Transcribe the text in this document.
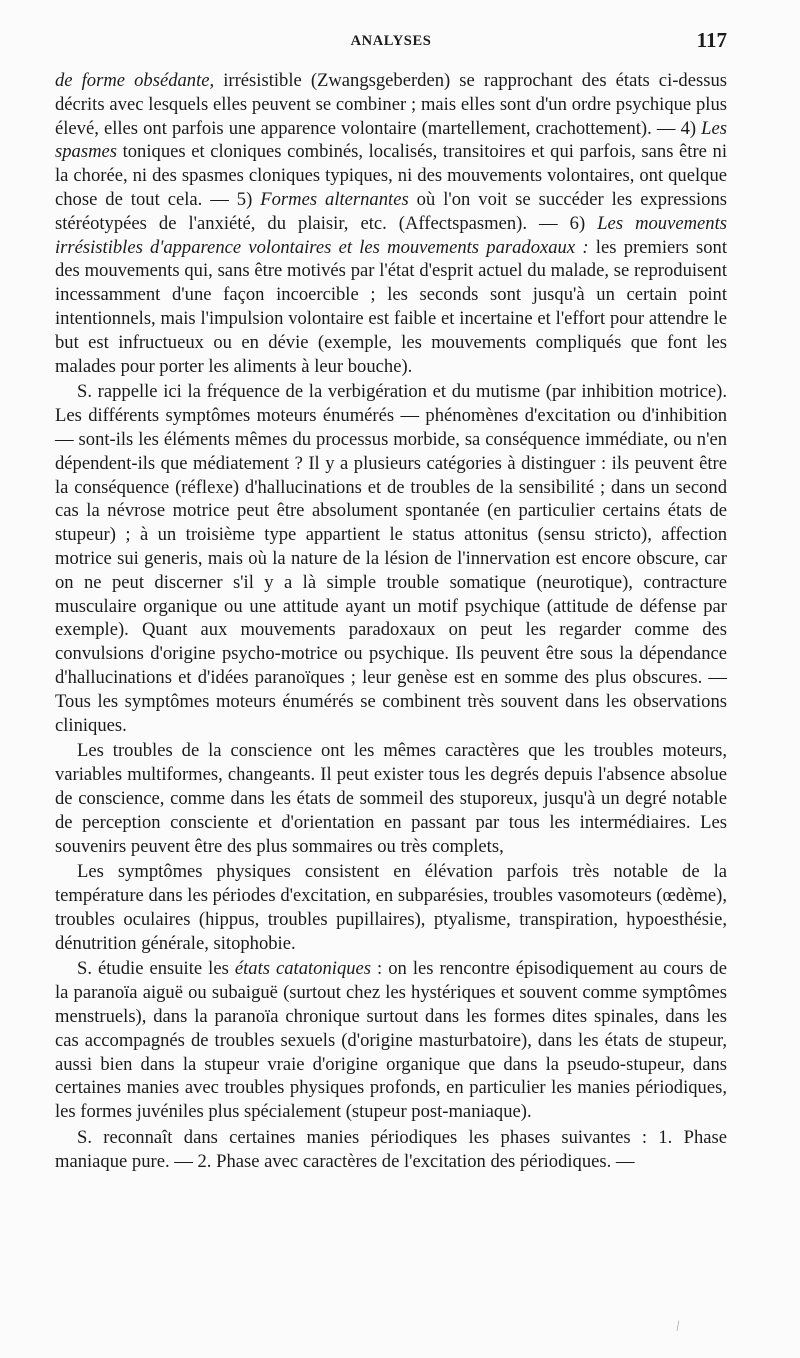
ANALYSES	117

de forme obsédante, irrésistible (Zwangsgeberden) se rapprochant des états ci-dessus décrits avec lesquels elles peuvent se combiner ; mais elles sont d'un ordre psychique plus élevé, elles ont parfois une apparence volontaire (martellement, crachottement). — 4) Les spasmes toniques et cloniques combinés, localisés, transitoires et qui parfois, sans être ni la chorée, ni des spasmes cloniques typiques, ni des mouvements volontaires, ont quelque chose de tout cela. — 5) Formes alternantes où l'on voit se succéder les expressions stéréotypées de l'anxiété, du plaisir, etc. (Affectspasmen). — 6) Les mouvements irrésistibles d'apparence volontaires et les mouvements paradoxaux : les premiers sont des mouvements qui, sans être motivés par l'état d'esprit actuel du malade, se reproduisent incessamment d'une façon incoercible ; les seconds sont jusqu'à un certain point intentionnels, mais l'impulsion volontaire est faible et incertaine et l'effort pour attendre le but est infructueux ou en dévie (exemple, les mouvements compliqués que font les malades pour porter les aliments à leur bouche).

S. rappelle ici la fréquence de la verbigération et du mutisme (par inhibition motrice). Les différents symptômes moteurs énumérés — phénomènes d'excitation ou d'inhibition — sont-ils les éléments mêmes du processus morbide, sa conséquence immédiate, ou n'en dépendent-ils que médiatement ? Il y a plusieurs catégories à distinguer : ils peuvent être la conséquence (réflexe) d'hallucinations et de troubles de la sensibilité ; dans un second cas la névrose motrice peut être absolument spontanée (en particulier certains états de stupeur) ; à un troisième type appartient le status attonitus (sensu stricto), affection motrice sui generis, mais où la nature de la lésion de l'innervation est encore obscure, car on ne peut discerner s'il y a là simple trouble somatique (neurotique), contracture musculaire organique ou une attitude ayant un motif psychique (attitude de défense par exemple). Quant aux mouvements paradoxaux on peut les regarder comme des convulsions d'origine psycho-motrice ou psychique. Ils peuvent être sous la dépendance d'hallucinations et d'idées paranoïques ; leur genèse est en somme des plus obscures. — Tous les symptômes moteurs énumérés se combinent très souvent dans les observations cliniques.

Les troubles de la conscience ont les mêmes caractères que les troubles moteurs, variables multiformes, changeants. Il peut exister tous les degrés depuis l'absence absolue de conscience, comme dans les états de sommeil des stuporeux, jusqu'à un degré notable de perception consciente et d'orientation en passant par tous les intermédiaires. Les souvenirs peuvent être des plus sommaires ou très complets,

Les symptômes physiques consistent en élévation parfois très notable de la température dans les périodes d'excitation, en subparésies, troubles vasomoteurs (œdème), troubles oculaires (hippus, troubles pupillaires), ptyalisme, transpiration, hypoesthésie, dénutrition générale, sitophobie.

S. étudie ensuite les états catatoniques : on les rencontre épisodiquement au cours de la paranoïa aiguë ou subaiguë (surtout chez les hystériques et souvent comme symptômes menstruels), dans la paranoïa chronique surtout dans les formes dites spinales, dans les cas accompagnés de troubles sexuels (d'origine masturbatoire), dans les états de stupeur, aussi bien dans la stupeur vraie d'origine organique que dans la pseudo-stupeur, dans certaines manies avec troubles physiques profonds, en particulier les manies périodiques, les formes juvéniles plus spécialement (stupeur post-maniaque).

S. reconnaît dans certaines manies périodiques les phases suivantes : 1. Phase maniaque pure. — 2. Phase avec caractères de l'excitation des périodiques. —

⁄
